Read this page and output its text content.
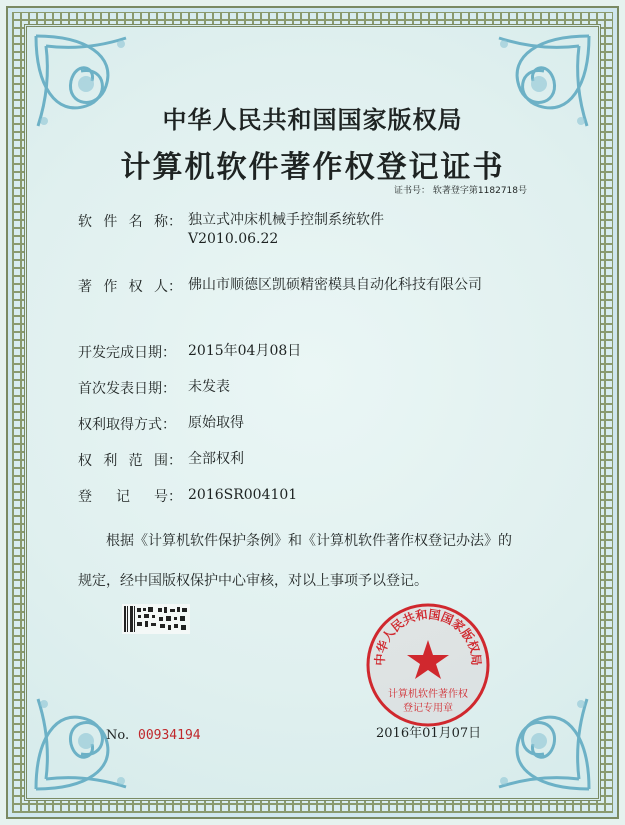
中华人民共和国国家版权局
计算机软件著作权登记证书
证书号： 软著登字第1182718号
软 件 名 称： 独立式冲床机械手控制系统软件
V2010.06.22
著 作 权 人： 佛山市顺德区凯硕精密模具自动化科技有限公司
开发完成日期： 2015年04月08日
首次发表日期： 未发表
权利取得方式： 原始取得
权 利 范 围： 全部权利
登 记 号： 2016SR004101
根据《计算机软件保护条例》和《计算机软件著作权登记办法》的
规定，经中国版权保护中心审核，对以上事项予以登记。
No. 00934194	2016年01月07日
中华人民共和国国家版权局
计算机软件著作权
登记专用章
